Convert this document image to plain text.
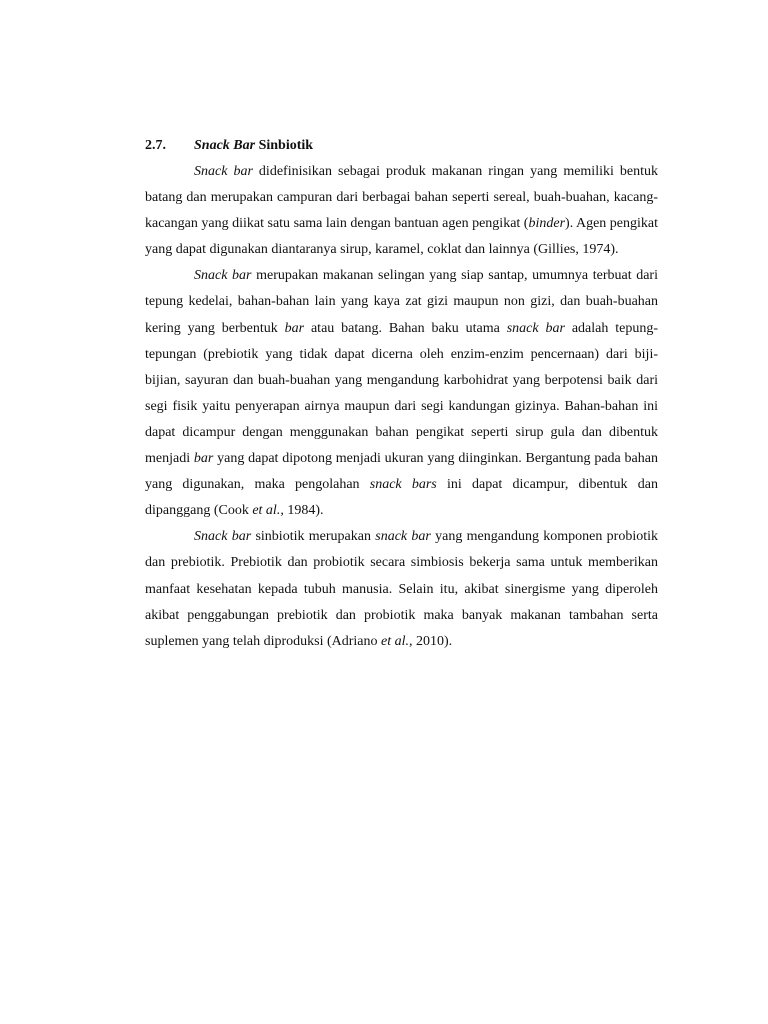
2.7. Snack Bar Sinbiotik

Snack bar didefinisikan sebagai produk makanan ringan yang memiliki bentuk batang dan merupakan campuran dari berbagai bahan seperti sereal, buah-buahan, kacang-kacangan yang diikat satu sama lain dengan bantuan agen pengikat (binder). Agen pengikat yang dapat digunakan diantaranya sirup, karamel, coklat dan lainnya (Gillies, 1974).

Snack bar merupakan makanan selingan yang siap santap, umumnya terbuat dari tepung kedelai, bahan-bahan lain yang kaya zat gizi maupun non gizi, dan buah-buahan kering yang berbentuk bar atau batang. Bahan baku utama snack bar adalah tepung-tepungan (prebiotik yang tidak dapat dicerna oleh enzim-enzim pencernaan) dari biji-bijian, sayuran dan buah-buahan yang mengandung karbohidrat yang berpotensi baik dari segi fisik yaitu penyerapan airnya maupun dari segi kandungan gizinya. Bahan-bahan ini dapat dicampur dengan menggunakan bahan pengikat seperti sirup gula dan dibentuk menjadi bar yang dapat dipotong menjadi ukuran yang diinginkan. Bergantung pada bahan yang digunakan, maka pengolahan snack bars ini dapat dicampur, dibentuk dan dipanggang (Cook et al., 1984).

Snack bar sinbiotik merupakan snack bar yang mengandung komponen probiotik dan prebiotik. Prebiotik dan probiotik secara simbiosis bekerja sama untuk memberikan manfaat kesehatan kepada tubuh manusia. Selain itu, akibat sinergisme yang diperoleh akibat penggabungan prebiotik dan probiotik maka banyak makanan tambahan serta suplemen yang telah diproduksi (Adriano et al., 2010).
